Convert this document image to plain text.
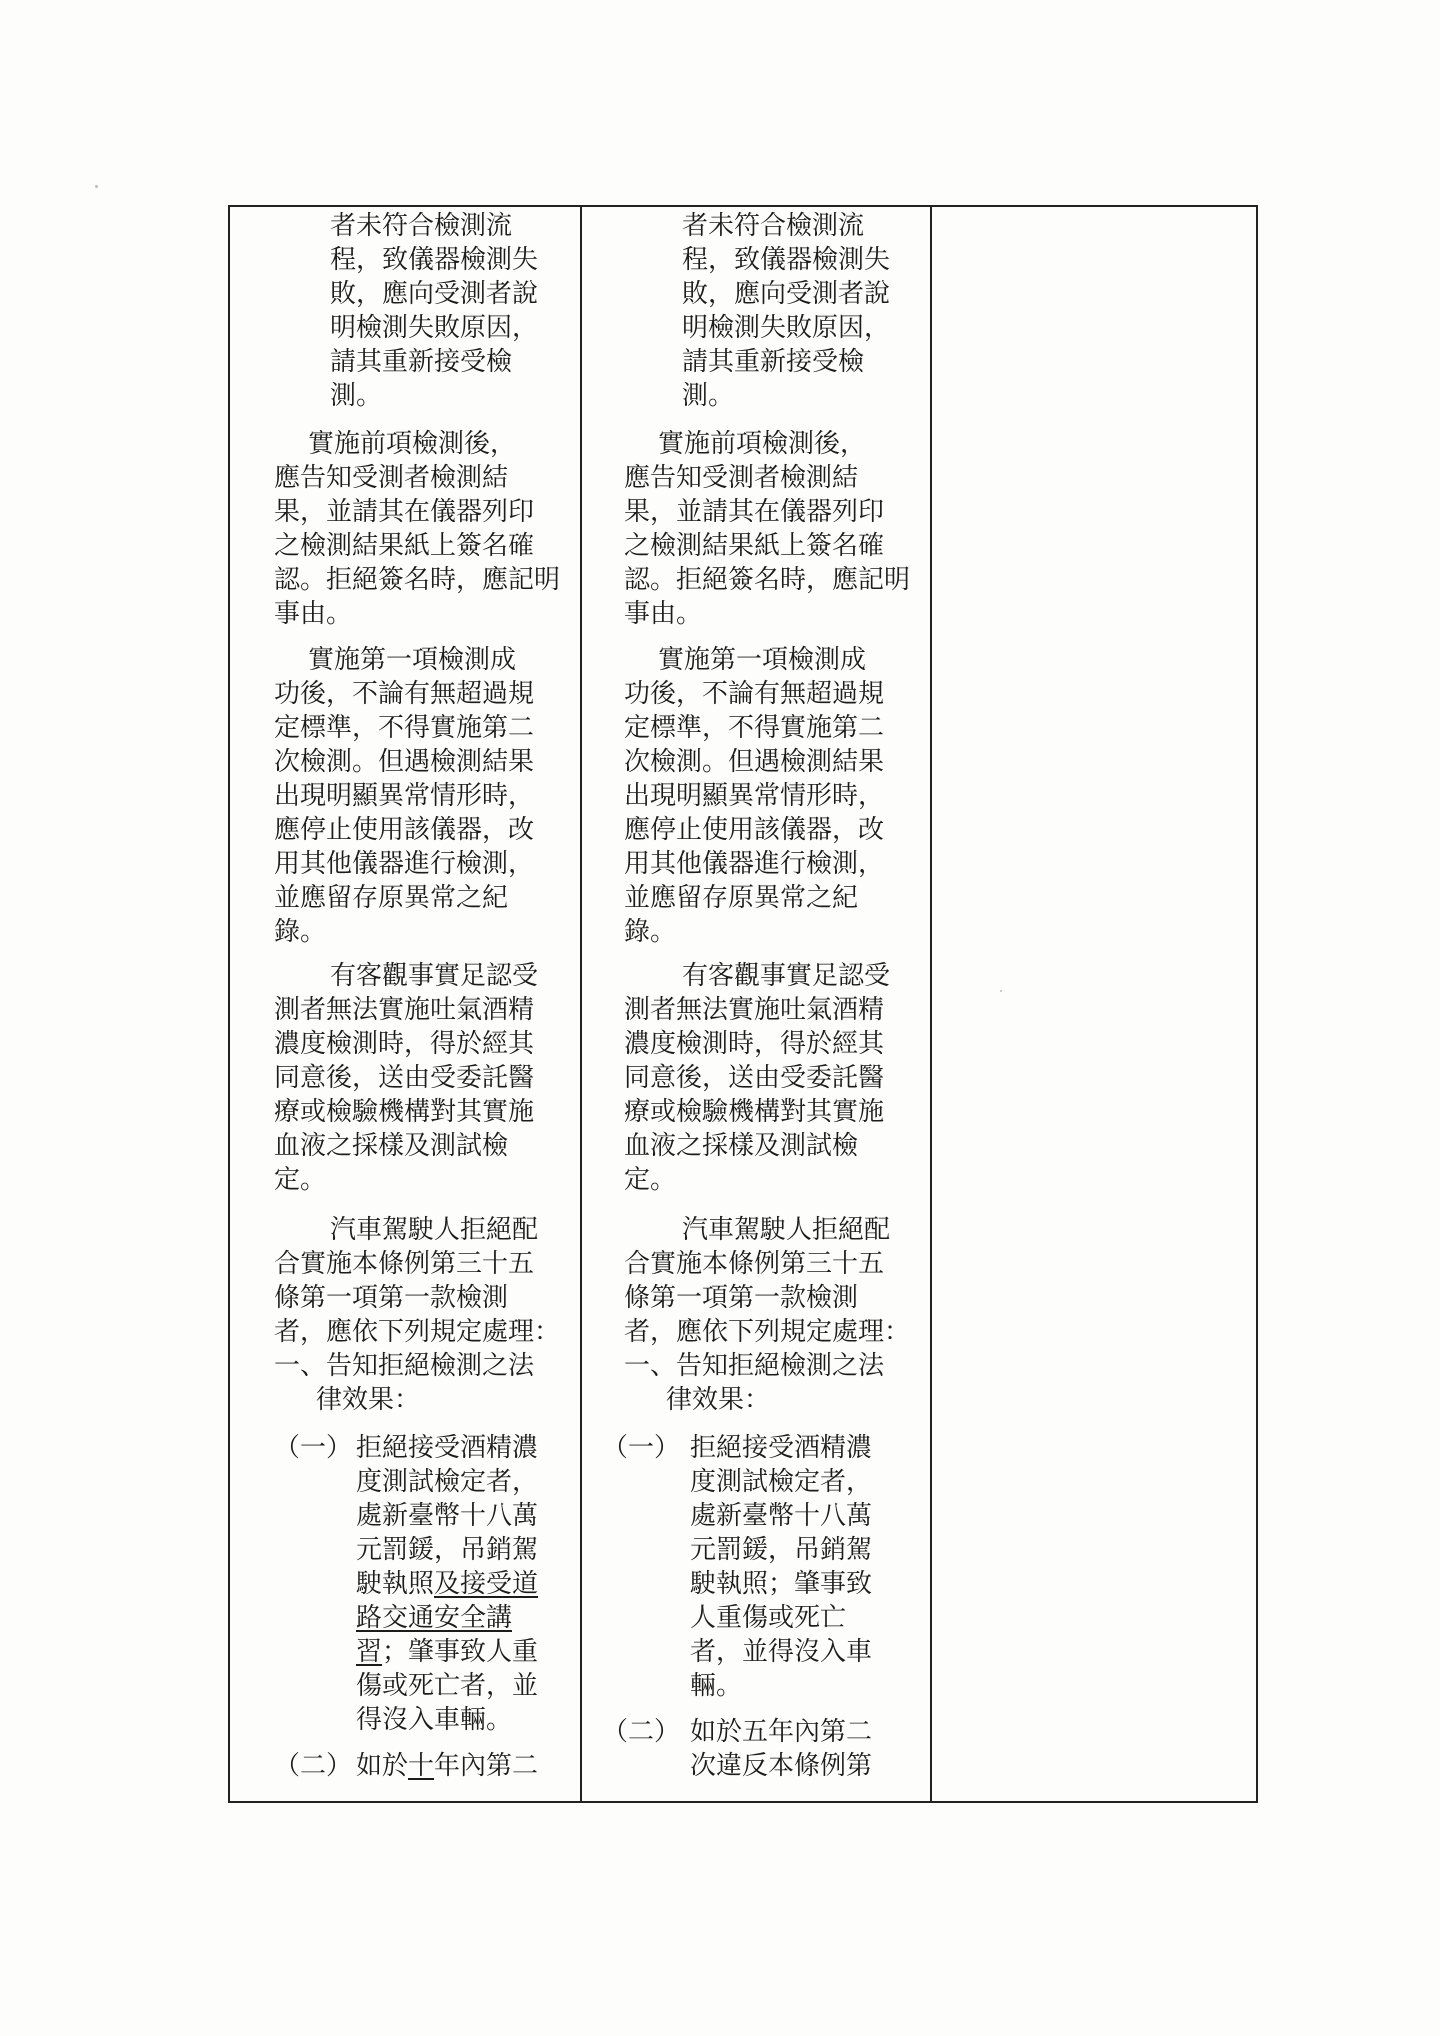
者未符合檢測流
程，致儀器檢測失
敗，應向受測者說
明檢測失敗原因，
請其重新接受檢
測。
實施前項檢測後，
應告知受測者檢測結
果，並請其在儀器列印
之檢測結果紙上簽名確
認。拒絕簽名時，應記明
事由。
實施第一項檢測成
功後，不論有無超過規
定標準，不得實施第二
次檢測。但遇檢測結果
出現明顯異常情形時，
應停止使用該儀器，改
用其他儀器進行檢測，
並應留存原異常之紀
錄。
有客觀事實足認受
測者無法實施吐氣酒精
濃度檢測時，得於經其
同意後，送由受委託醫
療或檢驗機構對其實施
血液之採樣及測試檢
定。
汽車駕駛人拒絕配
合實施本條例第三十五
條第一項第一款檢測
者，應依下列規定處理：
一、告知拒絕檢測之法
律效果：
（一） 拒絕接受酒精濃
度測試檢定者，
處新臺幣十八萬
元罰鍰，吊銷駕
駛執照及接受道
路交通安全講
習；肇事致人重
傷或死亡者，並
得沒入車輛。
（二） 如於十年內第二
者未符合檢測流
程，致儀器檢測失
敗，應向受測者說
明檢測失敗原因，
請其重新接受檢
測。
實施前項檢測後，
應告知受測者檢測結
果，並請其在儀器列印
之檢測結果紙上簽名確
認。拒絕簽名時，應記明
事由。
實施第一項檢測成
功後，不論有無超過規
定標準，不得實施第二
次檢測。但遇檢測結果
出現明顯異常情形時，
應停止使用該儀器，改
用其他儀器進行檢測，
並應留存原異常之紀
錄。
有客觀事實足認受
測者無法實施吐氣酒精
濃度檢測時，得於經其
同意後，送由受委託醫
療或檢驗機構對其實施
血液之採樣及測試檢
定。
汽車駕駛人拒絕配
合實施本條例第三十五
條第一項第一款檢測
者，應依下列規定處理：
一、告知拒絕檢測之法
律效果：
（一） 拒絕接受酒精濃
度測試檢定者，
處新臺幣十八萬
元罰鍰，吊銷駕
駛執照；肇事致
人重傷或死亡
者，並得沒入車
輛。
（二） 如於五年內第二
次違反本條例第
